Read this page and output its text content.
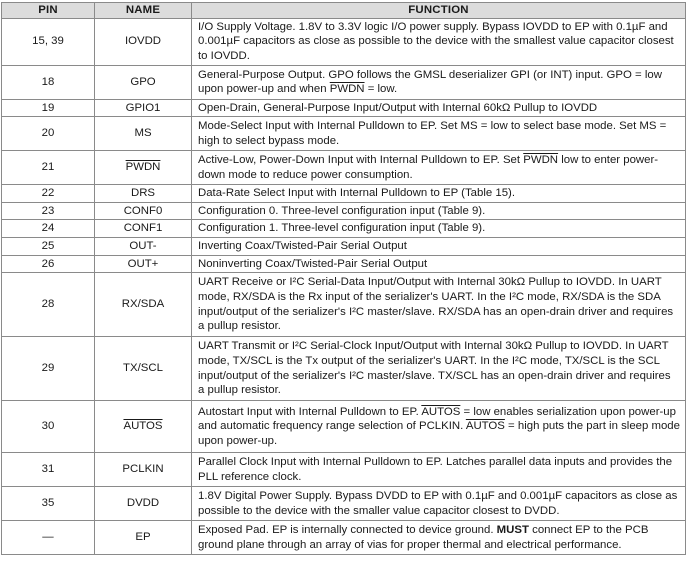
PIN	NAME	FUNCTION
15, 39	IOVDD	I/O Supply Voltage. 1.8V to 3.3V logic I/O power supply. Bypass IOVDD to EP with 0.1µF and 0.001µF capacitors as close as possible to the device with the smallest value capacitor closest to IOVDD.
18	GPO	General-Purpose Output. GPO follows the GMSL deserializer GPI (or INT) input. GPO = low upon power-up and when PWDN = low.
19	GPIO1	Open-Drain, General-Purpose Input/Output with Internal 60kΩ Pullup to IOVDD
20	MS	Mode-Select Input with Internal Pulldown to EP. Set MS = low to select base mode. Set MS = high to select bypass mode.
21	PWDN	Active-Low, Power-Down Input with Internal Pulldown to EP. Set PWDN low to enter power-down mode to reduce power consumption.
22	DRS	Data-Rate Select Input with Internal Pulldown to EP (Table 15).
23	CONF0	Configuration 0. Three-level configuration input (Table 9).
24	CONF1	Configuration 1. Three-level configuration input (Table 9).
25	OUT-	Inverting Coax/Twisted-Pair Serial Output
26	OUT+	Noninverting Coax/Twisted-Pair Serial Output
28	RX/SDA	UART Receive or I²C Serial-Data Input/Output with Internal 30kΩ Pullup to IOVDD. In UART mode, RX/SDA is the Rx input of the serializer's UART. In the I²C mode, RX/SDA is the SDA input/output of the serializer's I²C master/slave. RX/SDA has an open-drain driver and requires a pullup resistor.
29	TX/SCL	UART Transmit or I²C Serial-Clock Input/Output with Internal 30kΩ Pullup to IOVDD. In UART mode, TX/SCL is the Tx output of the serializer's UART. In the I²C mode, TX/SCL is the SCL input/output of the serializer's I²C master/slave. TX/SCL has an open-drain driver and requires a pullup resistor.
30	AUTOS	Autostart Input with Internal Pulldown to EP. AUTOS = low enables serialization upon power-up and automatic frequency range selection of PCLKIN. AUTOS = high puts the part in sleep mode upon power-up.
31	PCLKIN	Parallel Clock Input with Internal Pulldown to EP. Latches parallel data inputs and provides the PLL reference clock.
35	DVDD	1.8V Digital Power Supply. Bypass DVDD to EP with 0.1µF and 0.001µF capacitors as close as possible to the device with the smaller value capacitor closest to DVDD.
—	EP	Exposed Pad. EP is internally connected to device ground. MUST connect EP to the PCB ground plane through an array of vias for proper thermal and electrical performance.
